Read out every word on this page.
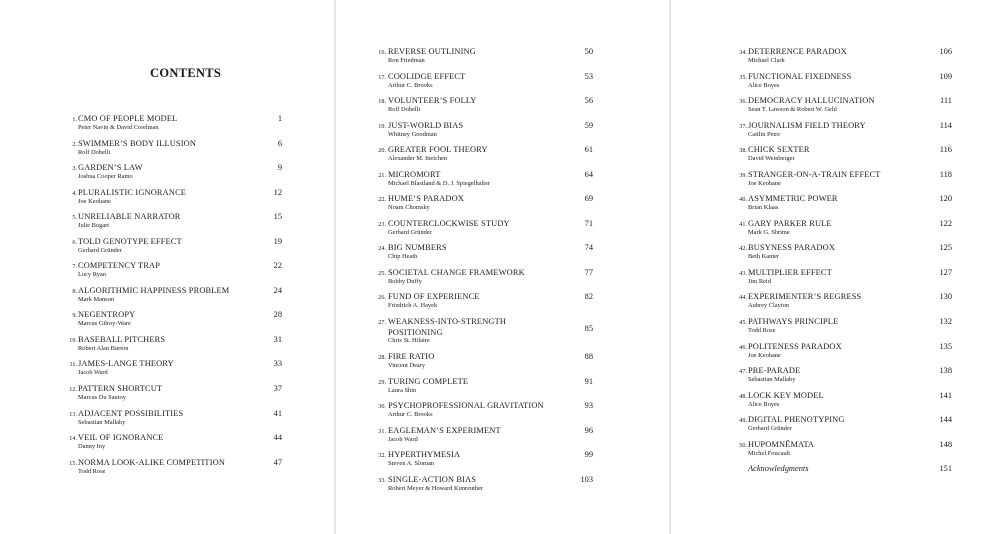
CONTENTS
1. CMO OF PEOPLE MODEL
Peter Navin & David Creelman
1
2. SWIMMER’S BODY ILLUSION
Rolf Dobelli
6
3. GARDEN’S LAW
Joshua Cooper Ramo
9
4. PLURALISTIC IGNORANCE
Joe Keohane
12
5. UNRELIABLE NARRATOR
Julie Bogart
15
6. TOLD GENOTYPE EFFECT
Gerhard Gründer
19
7. COMPETENCY TRAP
Lucy Ryan
22
8. ALGORITHMIC HAPPINESS PROBLEM
Mark Manson
24
9. NEGENTROPY
Marcus Gilroy-Ware
28
10. BASEBALL PITCHERS
Robert Alan Burton
31
11. JAMES-LANGE THEORY
Jacob Ward
33
12. PATTERN SHORTCUT
Marcus Du Sautoy
37
13. ADJACENT POSSIBILITIES
Sebastian Mallaby
41
14. VEIL OF IGNORANCE
Danny Iny
44
15. NORMA LOOK-ALIKE COMPETITION
Todd Rose
47
16. REVERSE OUTLINING
Ron Friedman
50
17. COOLIDGE EFFECT
Arthur C. Brooks
53
18. VOLUNTEER’S FOLLY
Rolf Dobelli
56
19. JUST-WORLD BIAS
Whitney Goodman
59
20. GREATER FOOL THEORY
Alexander M. Ineichen
61
21. MICROMORT
Michael Blastland & D. J. Spiegelhalter
64
22. HUME’S PARADOX
Noam Chomsky
69
23. COUNTERCLOCKWISE STUDY
Gerhard Gründer
71
24. BIG NUMBERS
Chip Heath
74
25. SOCIETAL CHANGE FRAMEWORK
Bobby Duffy
77
26. FUND OF EXPERIENCE
Friedrich A. Hayek
82
27. WEAKNESS-INTO-STRENGTH
POSITIONING
Chris St. Hilaire
85
28. FIRE RATIO
Vincent Deary
88
29. TURING COMPLETE
Laura Shin
91
30. PSYCHOPROFESSIONAL GRAVITATION
Arthur C. Brooks
93
31. EAGLEMAN’S EXPERIMENT
Jacob Ward
96
32. HYPERTHYMESIA
Steven A. Sloman
99
33. SINGLE-ACTION BIAS
Robert Meyer & Howard Kunreuther
103
34. DETERRENCE PARADOX
Michael Clark
106
35. FUNCTIONAL FIXEDNESS
Alice Boyes
109
36. DEMOCRACY HALLUCINATION
Sean T. Lawson & Robert W. Gehl
111
37. JOURNALISM FIELD THEORY
Caitlin Petre
114
38. CHICK SEXTER
David Weinberger
116
39. STRANGER-ON-A-TRAIN EFFECT
Joe Keohane
118
40. ASYMMETRIC POWER
Brian Klaas
120
41. GARY PARKER RULE
Mark G. Shrime
122
42. BUSYNESS PARADOX
Beth Kanter
125
43. MULTIPLIER EFFECT
Jim Reid
127
44. EXPERIMENTER’S REGRESS
Aubrey Clayton
130
45. PATHWAYS PRINCIPLE
Todd Rose
132
46. POLITENESS PARADOX
Joe Keohane
135
47. PRE-PARADE
Sebastian Mallaby
138
48. LOCK KEY MODEL
Alice Boyes
141
49. DIGITAL PHENOTYPING
Gerhard Gründer
144
50. HUPOMNĒMATA
Michel Foucault
148
Acknowledgments	151
